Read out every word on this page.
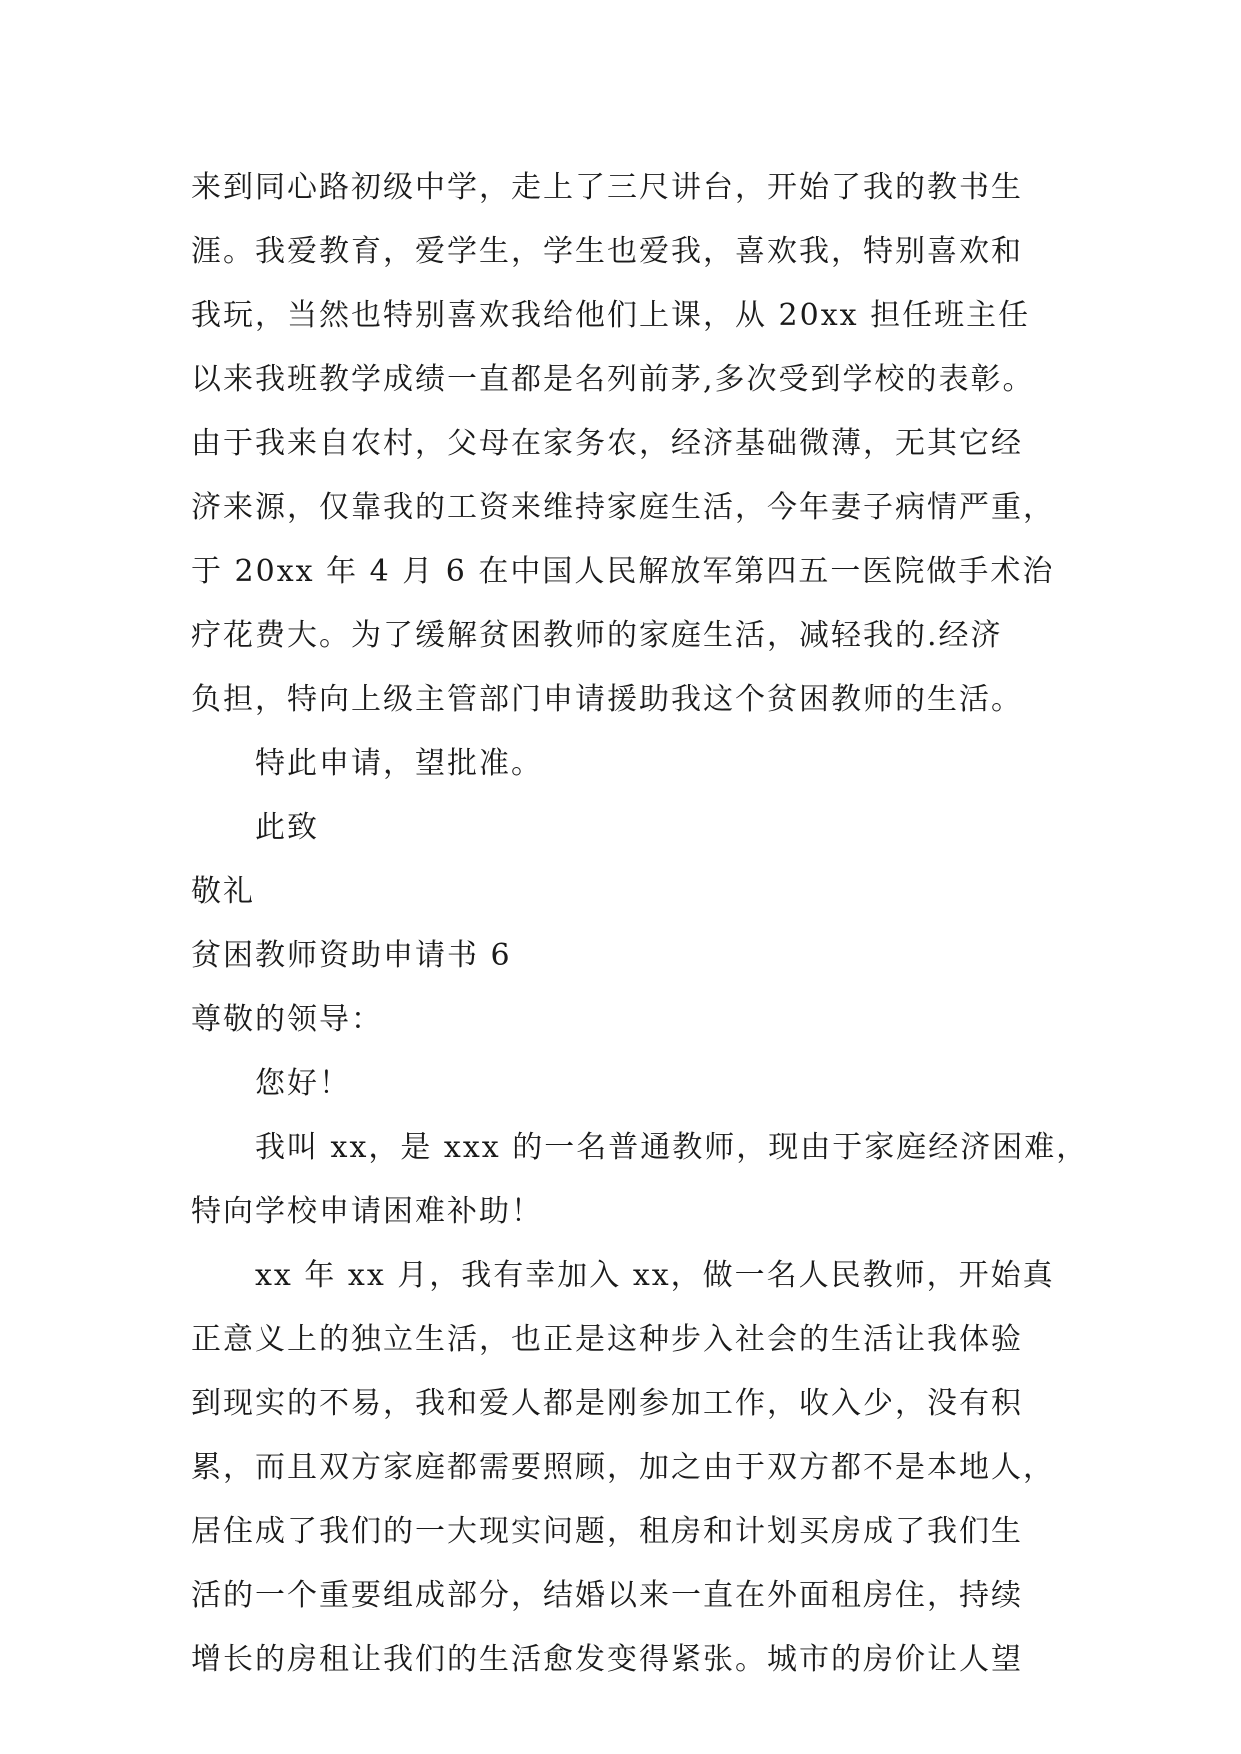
来到同心路初级中学，走上了三尺讲台，开始了我的教书生
涯。我爱教育，爱学生，学生也爱我，喜欢我，特别喜欢和
我玩，当然也特别喜欢我给他们上课，从 20xx 担任班主任
以来我班教学成绩一直都是名列前茅,多次受到学校的表彰。
由于我来自农村，父母在家务农，经济基础微薄，无其它经
济来源，仅靠我的工资来维持家庭生活，今年妻子病情严重，
于 20xx 年 4 月 6 在中国人民解放军第四五一医院做手术治
疗花费大。为了缓解贫困教师的家庭生活，减轻我的.经济
负担，特向上级主管部门申请援助我这个贫困教师的生活。
特此申请，望批准。
此致
敬礼
贫困教师资助申请书 6
尊敬的领导：
您好！
我叫 xx，是 xxx 的一名普通教师，现由于家庭经济困难，
特向学校申请困难补助！
xx 年 xx 月，我有幸加入 xx，做一名人民教师，开始真
正意义上的独立生活，也正是这种步入社会的生活让我体验
到现实的不易，我和爱人都是刚参加工作，收入少，没有积
累，而且双方家庭都需要照顾，加之由于双方都不是本地人，
居住成了我们的一大现实问题，租房和计划买房成了我们生
活的一个重要组成部分，结婚以来一直在外面租房住，持续
增长的房租让我们的生活愈发变得紧张。城市的房价让人望
